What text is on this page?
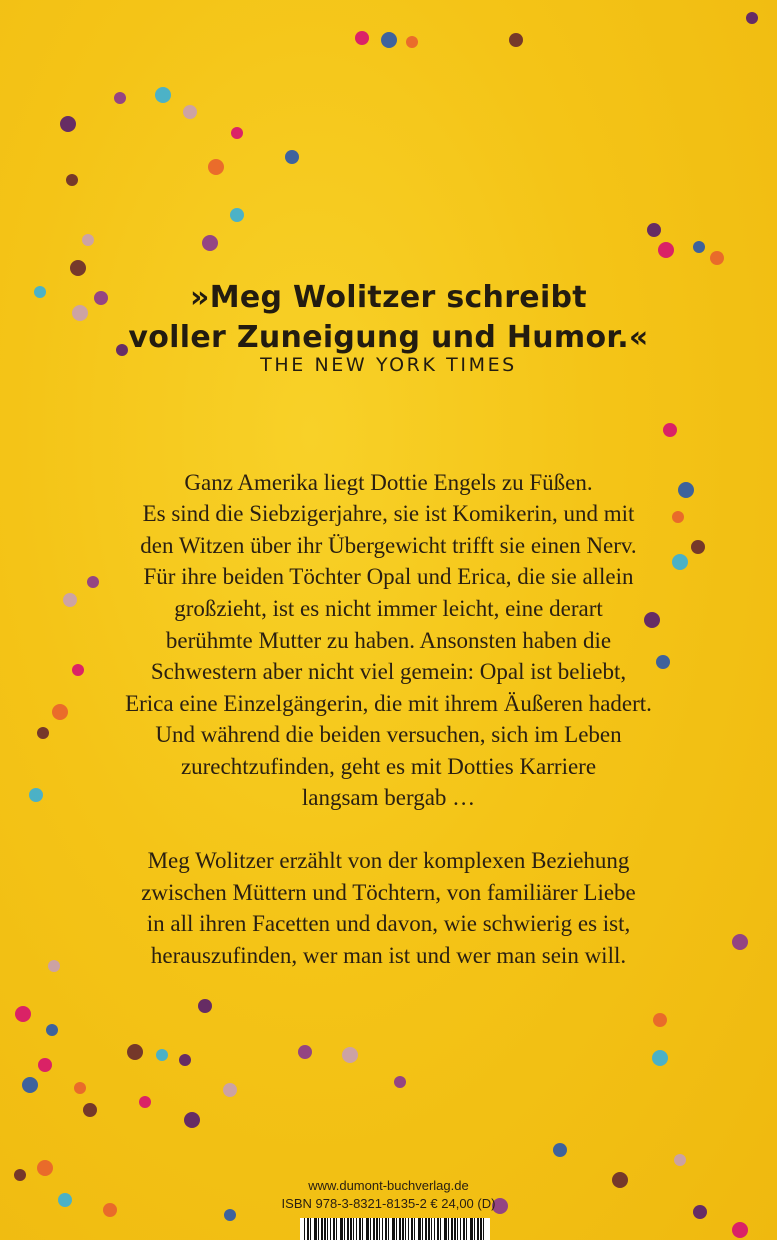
»Meg Wolitzer schreibt
voller Zuneigung und Humor.«
THE NEW YORK TIMES
Ganz Amerika liegt Dottie Engels zu Füßen.
Es sind die Siebzigerjahre, sie ist Komikerin, und mit
den Witzen über ihr Übergewicht trifft sie einen Nerv.
Für ihre beiden Töchter Opal und Erica, die sie allein
großzieht, ist es nicht immer leicht, eine derart
berühmte Mutter zu haben. Ansonsten haben die
Schwestern aber nicht viel gemein: Opal ist beliebt,
Erica eine Einzelgängerin, die mit ihrem Äußeren hadert.
Und während die beiden versuchen, sich im Leben
zurechtzufinden, geht es mit Dotties Karriere
langsam bergab …
Meg Wolitzer erzählt von der komplexen Beziehung
zwischen Müttern und Töchtern, von familiärer Liebe
in all ihren Facetten und davon, wie schwierig es ist,
herauszufinden, wer man ist und wer man sein will.
www.dumont-buchverlag.de
ISBN 978-3-8321-8135-2 € 24,00 (D)
